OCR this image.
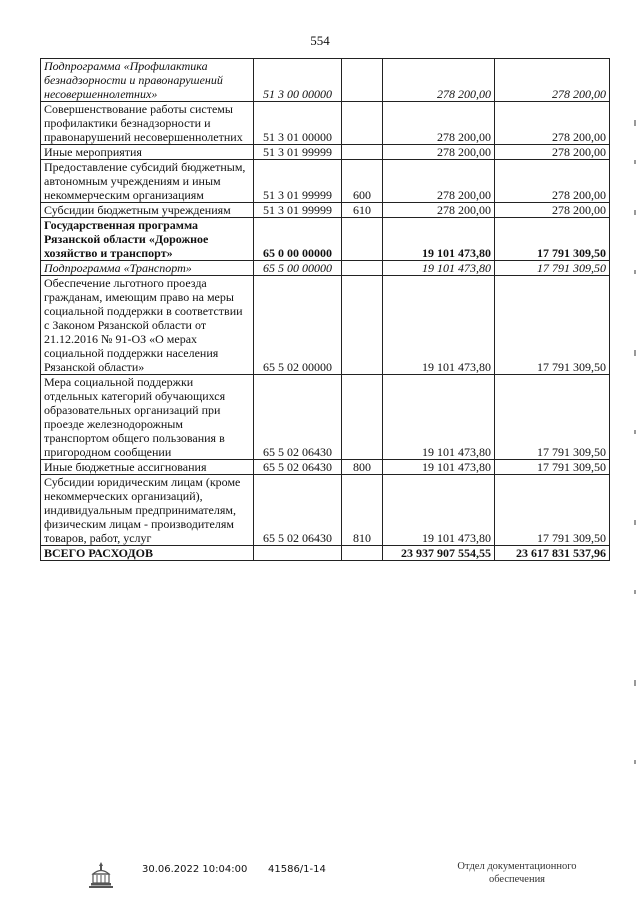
554
Подпрограмма «Профилактика безнадзорности и правонарушений несовершеннолетних»	51 3 00 00000		278 200,00	278 200,00
Совершенствование работы системы профилактики безнадзорности и правонарушений несовершеннолетних	51 3 01 00000		278 200,00	278 200,00
Иные мероприятия	51 3 01 99999		278 200,00	278 200,00
Предоставление субсидий бюджетным, автономным учреждениям и иным некоммерческим организациям	51 3 01 99999	600	278 200,00	278 200,00
Субсидии бюджетным учреждениям	51 3 01 99999	610	278 200,00	278 200,00
Государственная программа Рязанской области «Дорожное хозяйство и транспорт»	65 0 00 00000		19 101 473,80	17 791 309,50
Подпрограмма «Транспорт»	65 5 00 00000		19 101 473,80	17 791 309,50
Обеспечение льготного проезда гражданам, имеющим право на меры социальной поддержки в соответствии с Законом Рязанской области от 21.12.2016 № 91-ОЗ «О мерах социальной поддержки населения Рязанской области»	65 5 02 00000		19 101 473,80	17 791 309,50
Мера социальной поддержки отдельных категорий обучающихся образовательных организаций при проезде железнодорожным транспортом общего пользования в пригородном сообщении	65 5 02 06430		19 101 473,80	17 791 309,50
Иные бюджетные ассигнования	65 5 02 06430	800	19 101 473,80	17 791 309,50
Субсидии юридическим лицам (кроме некоммерческих организаций), индивидуальным предпринимателям, физическим лицам - производителям товаров, работ, услуг	65 5 02 06430	810	19 101 473,80	17 791 309,50
ВСЕГО РАСХОДОВ			23 937 907 554,55	23 617 831 537,96
30.06.2022 10:04:00 41586/1-14	Отдел документационного обеспечения
